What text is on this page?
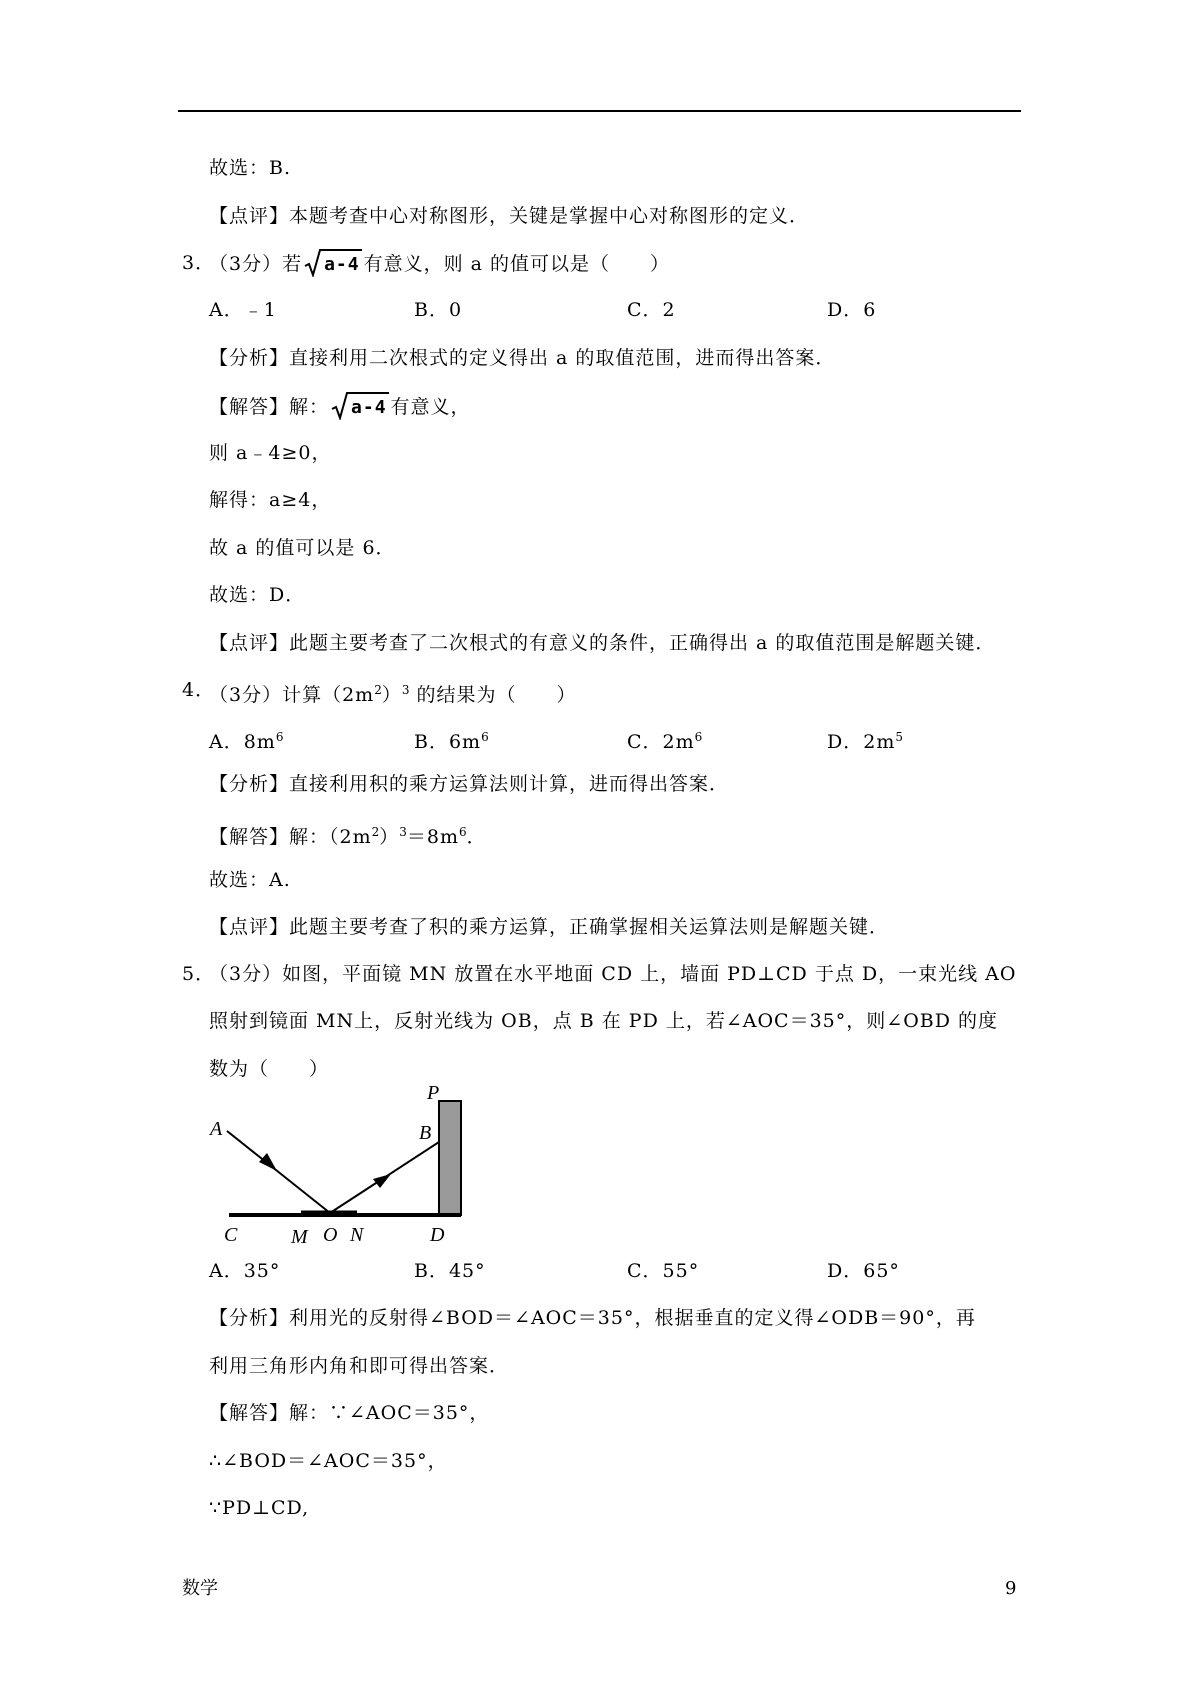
故选：B.
【点评】本题考查中心对称图形，关键是掌握中心对称图形的定义．
3．
（3分）若 a-4 有意义，则 a 的值可以是（　　）
A．﹣1	B．0	C．2	D．6
【分析】直接利用二次根式的定义得出 a 的取值范围，进而得出答案．
【解答】解： a-4 有意义，
则 a﹣4≥0，
解得：a≥4，
故 a 的值可以是 6．
故选：D．
【点评】此题主要考查了二次根式的有意义的条件，正确得出 a 的取值范围是解题关键．
4．
（3分）计算$(2m^2)^3$ 的结果为（　　）
A．$8m^6$	B．$6m^6$	C．$2m^6$	D．$2m^5$
【分析】直接利用积的乘方运算法则计算，进而得出答案．
【解答】解：$(2m^2)^3=8m^6$．
故选：A.
【点评】此题主要考查了积的乘方运算，正确掌握相关运算法则是解题关键．
5．
（3分）如图，平面镜 MN 放置在水平地面 CD 上，墙面 PD⊥CD 于点 D，一束光线 AO
照射到镜面 MN上，反射光线为 OB，点 B 在 PD 上，若∠AOC＝35°，则∠OBD 的度
数为（　　）
P
A	B
C	M O N	D
A．35°	B．45°	C．55°	D．65°
【分析】利用光的反射得∠BOD＝∠AOC＝35°，根据垂直的定义得∠ODB＝90°，再
利用三角形内角和即可得出答案．
【解答】解：∵∠AOC＝35°，
∴∠BOD＝∠AOC＝35°，
∵PD⊥CD,
数学	9
